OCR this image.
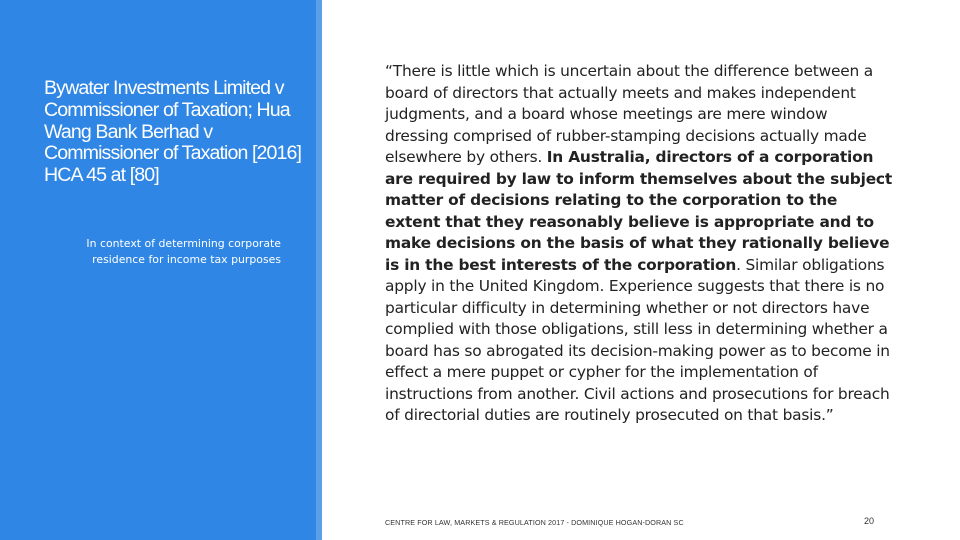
Bywater Investments Limited v Commissioner of Taxation; Hua Wang Bank Berhad v Commissioner of Taxation [2016] HCA 45 at [80]

In context of determining corporate residence for income tax purposes

“There is little which is uncertain about the difference between a board of directors that actually meets and makes independent judgments, and a board whose meetings are mere window dressing comprised of rubber-stamping decisions actually made elsewhere by others. In Australia, directors of a corporation are required by law to inform themselves about the subject matter of decisions relating to the corporation to the extent that they reasonably believe is appropriate and to make decisions on the basis of what they rationally believe is in the best interests of the corporation. Similar obligations apply in the United Kingdom. Experience suggests that there is no particular difficulty in determining whether or not directors have complied with those obligations, still less in determining whether a board has so abrogated its decision-making power as to become in effect a mere puppet or cypher for the implementation of instructions from another. Civil actions and prosecutions for breach of directorial duties are routinely prosecuted on that basis.”

CENTRE FOR LAW, MARKETS & REGULATION 2017 - DOMINIQUE HOGAN-DORAN SC	20
